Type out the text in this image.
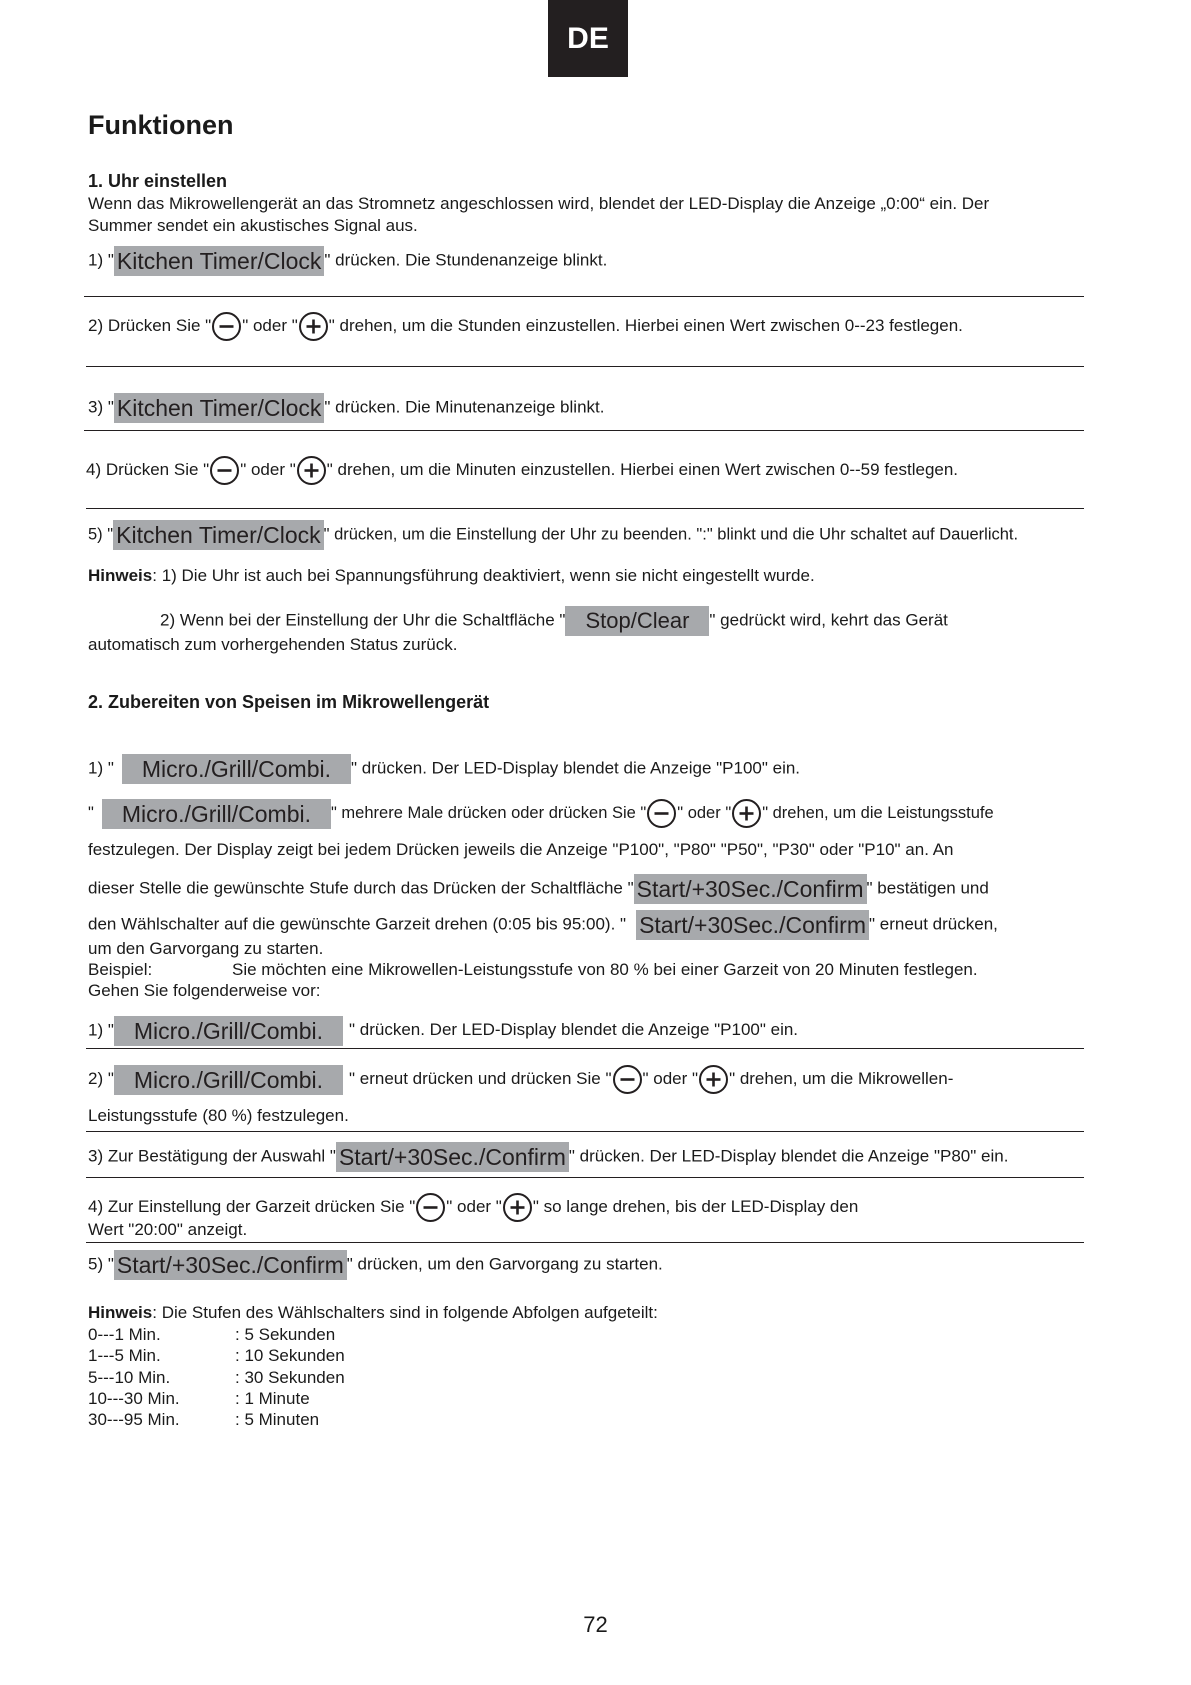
DE
Funktionen
1. Uhr einstellen
Wenn das Mikrowellengerät an das Stromnetz angeschlossen wird, blendet der LED-Display die Anzeige „0:00“ ein. Der
Summer sendet ein akustisches Signal aus.
1) " Kitchen Timer/Clock " drücken. Die Stundenanzeige blinkt.
2) Drücken Sie " " oder " " drehen, um die Stunden einzustellen. Hierbei einen Wert zwischen 0--23 festlegen.
3) " Kitchen Timer/Clock " drücken. Die Minutenanzeige blinkt.
4) Drücken Sie " " oder " " drehen, um die Minuten einzustellen. Hierbei einen Wert zwischen 0--59 festlegen.
5) " Kitchen Timer/Clock " drücken, um die Einstellung der Uhr zu beenden. ":" blinkt und die Uhr schaltet auf Dauerlicht.
Hinweis: 1) Die Uhr ist auch bei Spannungsführung deaktiviert, wenn sie nicht eingestellt wurde.
2) Wenn bei der Einstellung der Uhr die Schaltfläche " Stop/Clear " gedrückt wird, kehrt das Gerät
automatisch zum vorhergehenden Status zurück.
2. Zubereiten von Speisen im Mikrowellengerät
1) " Micro./Grill/Combi. " drücken. Der LED-Display blendet die Anzeige "P100" ein.
" Micro./Grill/Combi. " mehrere Male drücken oder drücken Sie " " oder " " drehen, um die Leistungsstufe
festzulegen. Der Display zeigt bei jedem Drücken jeweils die Anzeige "P100", "P80" "P50", "P30" oder "P10" an. An
dieser Stelle die gewünschte Stufe durch das Drücken der Schaltfläche " Start/+30Sec./Confirm " bestätigen und
den Wählschalter auf die gewünschte Garzeit drehen (0:05 bis 95:00). " Start/+30Sec./Confirm " erneut drücken,
um den Garvorgang zu starten.
Beispiel:	Sie möchten eine Mikrowellen-Leistungsstufe von 80 % bei einer Garzeit von 20 Minuten festlegen.
Gehen Sie folgenderweise vor:
1) " Micro./Grill/Combi. " drücken. Der LED-Display blendet die Anzeige "P100" ein.
2) " Micro./Grill/Combi. " erneut drücken und drücken Sie " " oder " " drehen, um die Mikrowellen-
Leistungsstufe (80 %) festzulegen.
3) Zur Bestätigung der Auswahl " Start/+30Sec./Confirm " drücken. Der LED-Display blendet die Anzeige "P80" ein.
4) Zur Einstellung der Garzeit drücken Sie " " oder " " so lange drehen, bis der LED-Display den
Wert "20:00" anzeigt.
5) " Start/+30Sec./Confirm " drücken, um den Garvorgang zu starten.
Hinweis: Die Stufen des Wählschalters sind in folgende Abfolgen aufgeteilt:
0---1 Min.	: 5 Sekunden
1---5 Min.	: 10 Sekunden
5---10 Min.	: 30 Sekunden
10---30 Min.	: 1 Minute
30---95 Min.	: 5 Minuten
72
